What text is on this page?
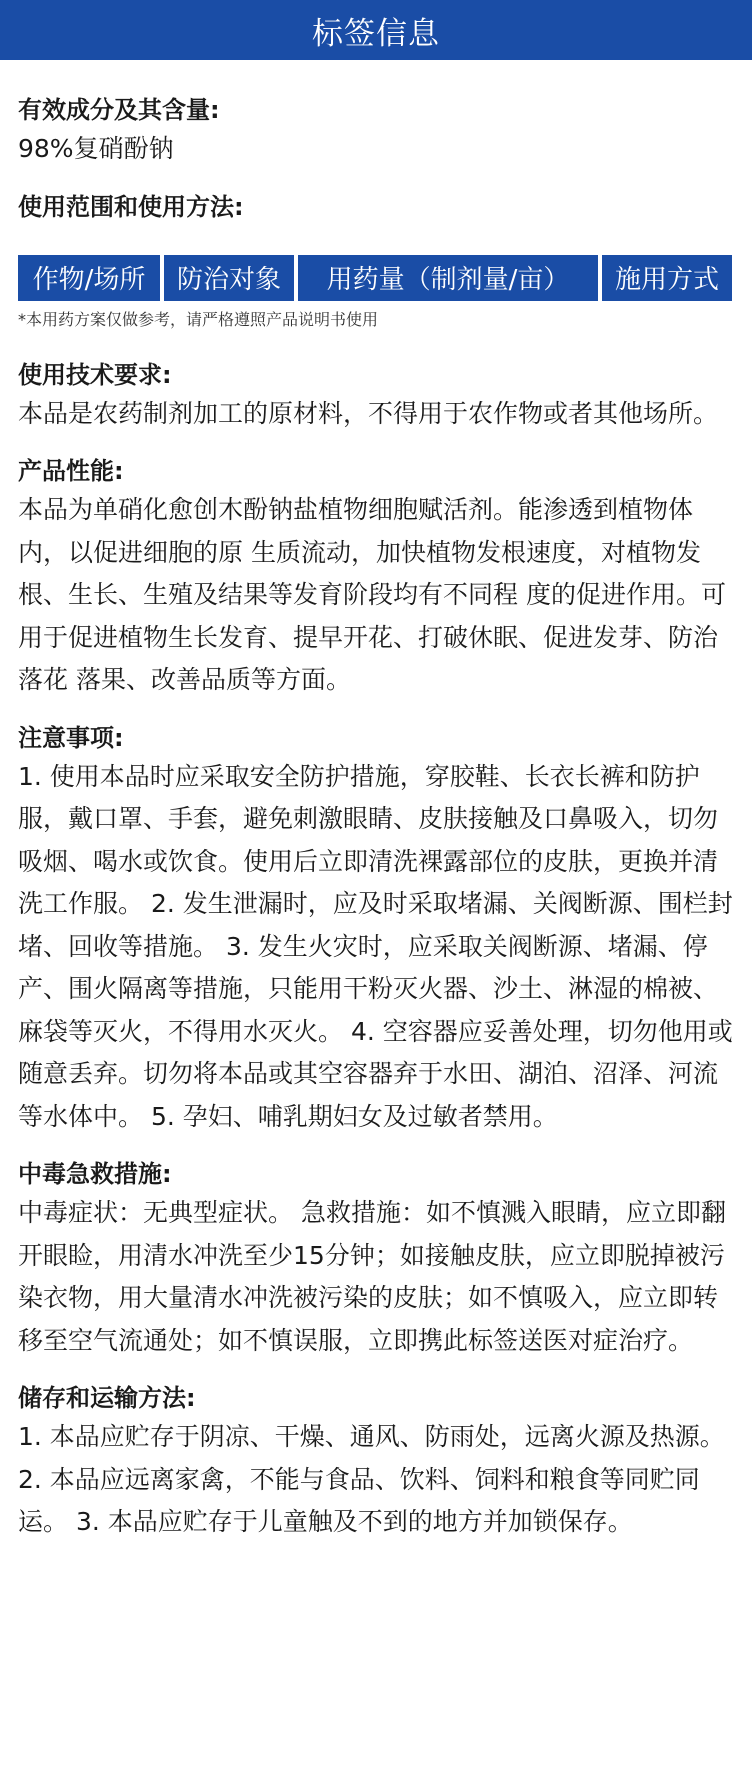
标签信息

有效成分及其含量:

98%复硝酚钠

使用范围和使用方法:

作物/场所	防治对象	用药量（制剂量/亩）	施用方式

*本用药方案仅做参考，请严格遵照产品说明书使用

使用技术要求:

本品是农药制剂加工的原材料，不得用于农作物或者其他场所。

产品性能:

本品为单硝化愈创木酚钠盐植物细胞赋活剂。能渗透到植物体内，以促进细胞的原 生质流动，加快植物发根速度，对植物发根、生长、生殖及结果等发育阶段均有不同程 度的促进作用。可用于促进植物生长发育、提早开花、打破休眠、促进发芽、防治落花 落果、改善品质等方面。

注意事项:

1. 使用本品时应采取安全防护措施，穿胶鞋、长衣长裤和防护服，戴口罩、手套，避免刺激眼睛、皮肤接触及口鼻吸入，切勿吸烟、喝水或饮食。使用后立即清洗裸露部位的皮肤，更换并清洗工作服。 2. 发生泄漏时，应及时采取堵漏、关阀断源、围栏封堵、回收等措施。 3. 发生火灾时，应采取关阀断源、堵漏、停产、围火隔离等措施，只能用干粉灭火器、沙土、淋湿的棉被、麻袋等灭火，不得用水灭火。 4. 空容器应妥善处理，切勿他用或随意丢弃。切勿将本品或其空容器弃于水田、湖泊、沼泽、河流等水体中。 5. 孕妇、哺乳期妇女及过敏者禁用。

中毒急救措施:

中毒症状：无典型症状。 急救措施：如不慎溅入眼睛，应立即翻开眼睑，用清水冲洗至少15分钟；如接触皮肤，应立即脱掉被污染衣物，用大量清水冲洗被污染的皮肤；如不慎吸入，应立即转移至空气流通处；如不慎误服，立即携此标签送医对症治疗。

储存和运输方法:

1. 本品应贮存于阴凉、干燥、通风、防雨处，远离火源及热源。 2. 本品应远离家禽，不能与食品、饮料、饲料和粮食等同贮同运。 3. 本品应贮存于儿童触及不到的地方并加锁保存。
